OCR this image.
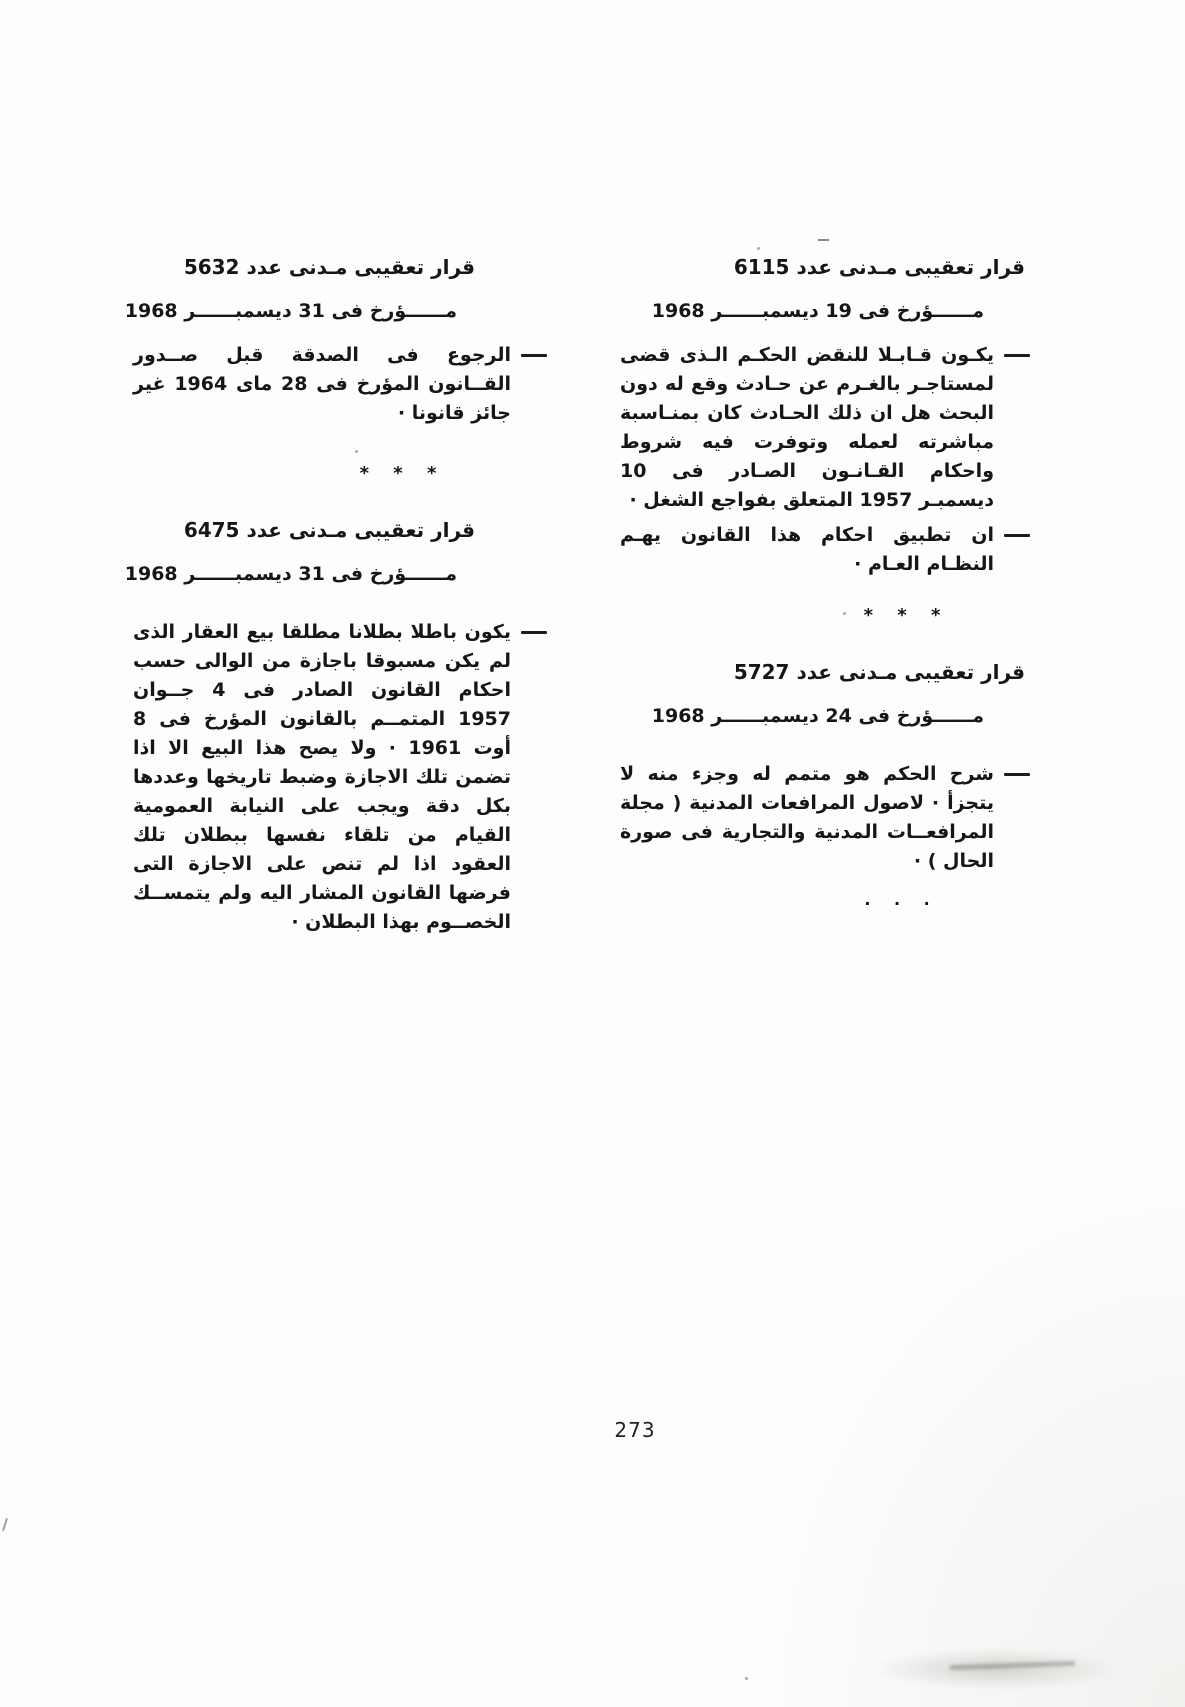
قرار تعقيبى مـدنى عدد 6115
مــــــؤرخ فى 19 ديسمبــــــر 1968
يكـون قـابـلا للنقض الحكـم الـذى قضى لمستاجـر بالغـرم عن حـادث وقع له دون البحث هل ان ذلك الحـادث كان بمنـاسبة مباشرته لعمله وتوفرت فيه شروط واحكام القـانـون الصـادر فى 10 ديسمبـر 1957 المتعلق بفواجع الشغل ·
ان تطبيق احكام هذا القانون يهـم النظـام العـام ·
* * *
قرار تعقيبى مـدنى عدد 5727
مــــــؤرخ فى 24 ديسمبــــــر 1968
شرح الحكم هو متمم له وجزء منه لا يتجزأ · لاصول المرافعات المدنية ( مجلة المرافعــات المدنية والتجارية فى صورة الحال ) ·
· · ·
قرار تعقيبى مـدنى عدد 5632
مــــــؤرخ فى 31 ديسمبــــــر 1968
الرجوع فى الصدقة قبل صــدور القــانون المؤرخ فى 28 ماى 1964 غير جائز قانونا ·
* * *
قرار تعقيبى مـدنى عدد 6475
مــــــؤرخ فى 31 ديسمبــــــر 1968
يكون باطلا بطلانا مطلقا بيع العقار الذى لم يكن مسبوقا باجازة من الوالى حسب احكام القانون الصادر فى 4 جــوان 1957 المتمــم بالقانون المؤرخ فى 8 أوت 1961 · ولا يصح هذا البيع الا اذا تضمن تلك الاجازة وضبط تاريخها وعددها بكل دقة ويجب على النيابة العمومية القيام من تلقاء نفسها ببطلان تلك العقود اذا لم تنص على الاجازة التى فرضها القانون المشار اليه ولم يتمســك الخصــوم بهذا البطلان ·
273
